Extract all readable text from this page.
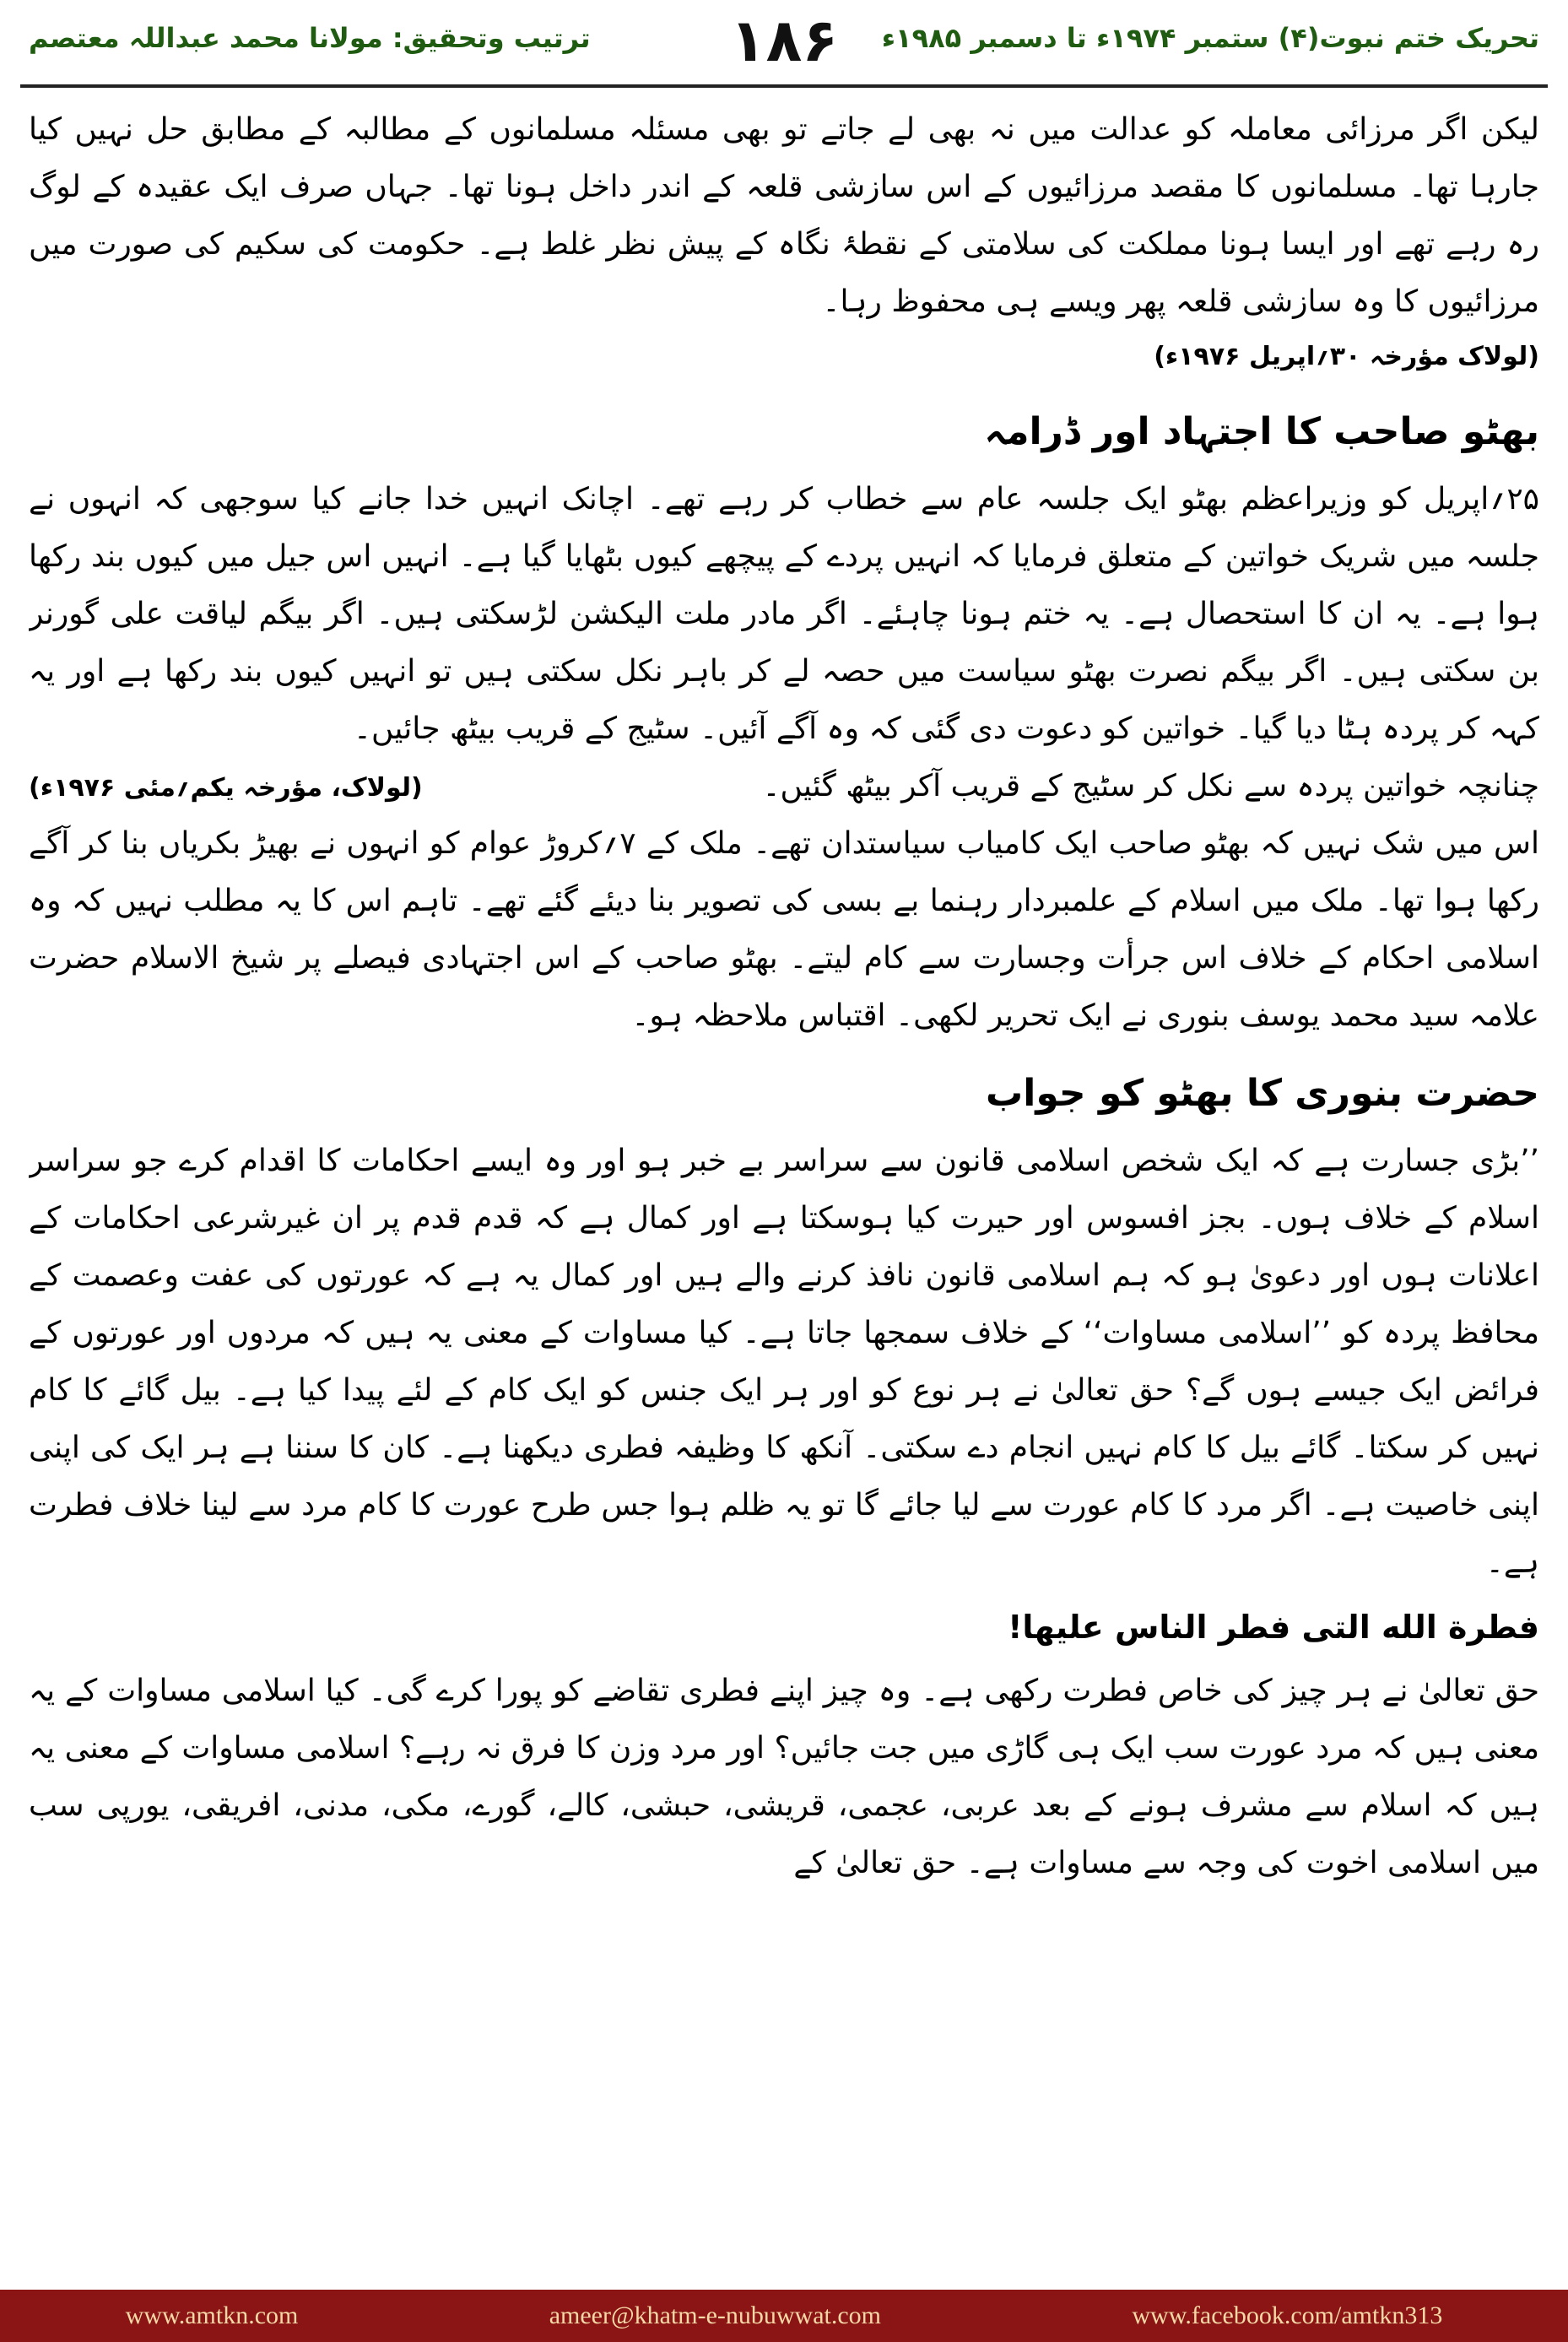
تحریک ختم نبوت(۴) ستمبر ۱۹۷۴ء تا دسمبر ۱۹۸۵ء
۱۸۶
ترتیب وتحقیق: مولانا محمد عبداللہ معتصم

لیکن اگر مرزائی معاملہ کو عدالت میں نہ بھی لے جاتے تو بھی مسئلہ مسلمانوں کے مطالبہ کے مطابق حل نہیں کیا جارہا تھا۔ مسلمانوں کا مقصد مرزائیوں کے اس سازشی قلعہ کے اندر داخل ہونا تھا۔ جہاں صرف ایک عقیدہ کے لوگ رہ رہے تھے اور ایسا ہونا مملکت کی سلامتی کے نقطۂ نگاہ کے پیش نظر غلط ہے۔ حکومت کی سکیم کی صورت میں مرزائیوں کا وہ سازشی قلعہ پھر ویسے ہی محفوظ رہا۔

(لولاک مؤرخہ ۳۰؍اپریل ۱۹۷۶ء)

بھٹو صاحب کا اجتہاد اور ڈرامہ

۲۵؍اپریل کو وزیراعظم بھٹو ایک جلسہ عام سے خطاب کر رہے تھے۔ اچانک انہیں خدا جانے کیا سوجھی کہ انہوں نے جلسہ میں شریک خواتین کے متعلق فرمایا کہ انہیں پردے کے پیچھے کیوں بٹھایا گیا ہے۔ انہیں اس جیل میں کیوں بند رکھا ہوا ہے۔ یہ ان کا استحصال ہے۔ یہ ختم ہونا چاہئے۔ اگر مادر ملت الیکشن لڑسکتی ہیں۔ اگر بیگم لیاقت علی گورنر بن سکتی ہیں۔ اگر بیگم نصرت بھٹو سیاست میں حصہ لے کر باہر نکل سکتی ہیں تو انہیں کیوں بند رکھا ہے اور یہ کہہ کر پردہ ہٹا دیا گیا۔ خواتین کو دعوت دی گئی کہ وہ آگے آئیں۔ سٹیج کے قریب بیٹھ جائیں۔

چنانچہ خواتین پردہ سے نکل کر سٹیج کے قریب آکر بیٹھ گئیں۔
(لولاک، مؤرخہ یکم؍مئی ۱۹۷۶ء)

اس میں شک نہیں کہ بھٹو صاحب ایک کامیاب سیاستدان تھے۔ ملک کے ۷؍کروڑ عوام کو انہوں نے بھیڑ بکریاں بنا کر آگے رکھا ہوا تھا۔ ملک میں اسلام کے علمبردار رہنما بے بسی کی تصویر بنا دیئے گئے تھے۔ تاہم اس کا یہ مطلب نہیں کہ وہ اسلامی احکام کے خلاف اس جرأت وجسارت سے کام لیتے۔ بھٹو صاحب کے اس اجتہادی فیصلے پر شیخ الاسلام حضرت علامہ سید محمد یوسف بنوری نے ایک تحریر لکھی۔ اقتباس ملاحظہ ہو۔

حضرت بنوری کا بھٹو کو جواب

’’بڑی جسارت ہے کہ ایک شخص اسلامی قانون سے سراسر بے خبر ہو اور وہ ایسے احکامات کا اقدام کرے جو سراسر اسلام کے خلاف ہوں۔ بجز افسوس اور حیرت کیا ہوسکتا ہے اور کمال ہے کہ قدم قدم پر ان غیرشرعی احکامات کے اعلانات ہوں اور دعویٰ ہو کہ ہم اسلامی قانون نافذ کرنے والے ہیں اور کمال یہ ہے کہ عورتوں کی عفت وعصمت کے محافظ پردہ کو ’’اسلامی مساوات‘‘ کے خلاف سمجھا جاتا ہے۔ کیا مساوات کے معنی یہ ہیں کہ مردوں اور عورتوں کے فرائض ایک جیسے ہوں گے؟ حق تعالیٰ نے ہر نوع کو اور ہر ایک جنس کو ایک کام کے لئے پیدا کیا ہے۔ بیل گائے کا کام نہیں کر سکتا۔ گائے بیل کا کام نہیں انجام دے سکتی۔ آنکھ کا وظیفہ فطری دیکھنا ہے۔ کان کا سننا ہے ہر ایک کی اپنی اپنی خاصیت ہے۔ اگر مرد کا کام عورت سے لیا جائے گا تو یہ ظلم ہوا جس طرح عورت کا کام مرد سے لینا خلاف فطرت ہے۔

فطرة الله التى فطر الناس عليها!

حق تعالیٰ نے ہر چیز کی خاص فطرت رکھی ہے۔ وہ چیز اپنے فطری تقاضے کو پورا کرے گی۔ کیا اسلامی مساوات کے یہ معنی ہیں کہ مرد عورت سب ایک ہی گاڑی میں جت جائیں؟ اور مرد وزن کا فرق نہ رہے؟ اسلامی مساوات کے معنی یہ ہیں کہ اسلام سے مشرف ہونے کے بعد عربی، عجمی، قریشی، حبشی، کالے، گورے، مکی، مدنی، افریقی، یورپی سب میں اسلامی اخوت کی وجہ سے مساوات ہے۔ حق تعالیٰ کے

www.amtkn.com	ameer@khatm-e-nubuwwat.com	www.facebook.com/amtkn313
